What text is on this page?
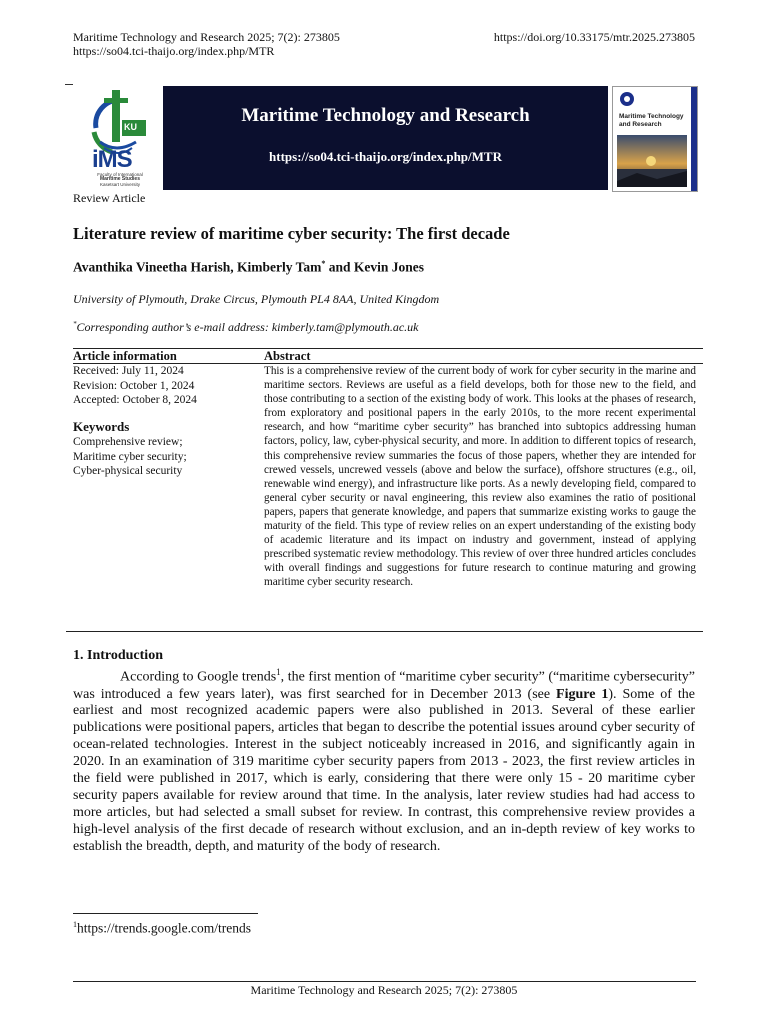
Maritime Technology and Research 2025; 7(2): 273805	https://doi.org/10.33175/mtr.2025.273805
https://so04.tci-thaijo.org/index.php/MTR
KU
iMS
Faculty of International
Maritime Studies
Kasetsart University
Maritime Technology and Research
https://so04.tci-thaijo.org/index.php/MTR
Maritime Technology and Research
Review Article
Literature review of maritime cyber security: The first decade
Avanthika Vineetha Harish, Kimberly Tam* and Kevin Jones
University of Plymouth, Drake Circus, Plymouth PL4 8AA, United Kingdom
*Corresponding author’s e-mail address: kimberly.tam@plymouth.ac.uk
Article information	Abstract
Received: July 11, 2024
Revision: October 1, 2024
Accepted: October 8, 2024
Keywords
Comprehensive review;
Maritime cyber security;
Cyber-physical security
This is a comprehensive review of the current body of work for cyber security in the marine and maritime sectors. Reviews are useful as a field develops, both for those new to the field, and those contributing to a section of the existing body of work. This looks at the phases of research, from exploratory and positional papers in the early 2010s, to the more recent experimental research, and how “maritime cyber security” has branched into subtopics addressing human factors, policy, law, cyber-physical security, and more. In addition to different topics of research, this comprehensive review summaries the focus of those papers, whether they are intended for crewed vessels, uncrewed vessels (above and below the surface), offshore structures (e.g., oil, renewable wind energy), and infrastructure like ports. As a newly developing field, compared to general cyber security or naval engineering, this review also examines the ratio of positional papers, papers that generate knowledge, and papers that summarize existing works to gauge the maturity of the field. This type of review relies on an expert understanding of the existing body of academic literature and its impact on industry and government, instead of applying prescribed systematic review methodology. This review of over three hundred articles concludes with overall findings and suggestions for future research to continue maturing and growing maritime cyber security research.
1. Introduction
According to Google trends$^1$, the first mention of “maritime cyber security” (“maritime cybersecurity” was introduced a few years later), was first searched for in December 2013 (see Figure 1). Some of the earliest and most recognized academic papers were also published in 2013. Several of these earlier publications were positional papers, articles that began to describe the potential issues around cyber security of ocean-related technologies. Interest in the subject noticeably increased in 2016, and significantly again in 2020. In an examination of 319 maritime cyber security papers from 2013 - 2023, the first review articles in the field were published in 2017, which is early, considering that there were only 15 - 20 maritime cyber security papers available for review around that time. In the analysis, later review studies had had access to more articles, but had selected a small subset for review. In contrast, this comprehensive review provides a high-level analysis of the first decade of research without exclusion, and an in-depth review of key works to establish the breadth, depth, and maturity of the body of research.
$^1$https://trends.google.com/trends
Maritime Technology and Research 2025; 7(2): 273805
